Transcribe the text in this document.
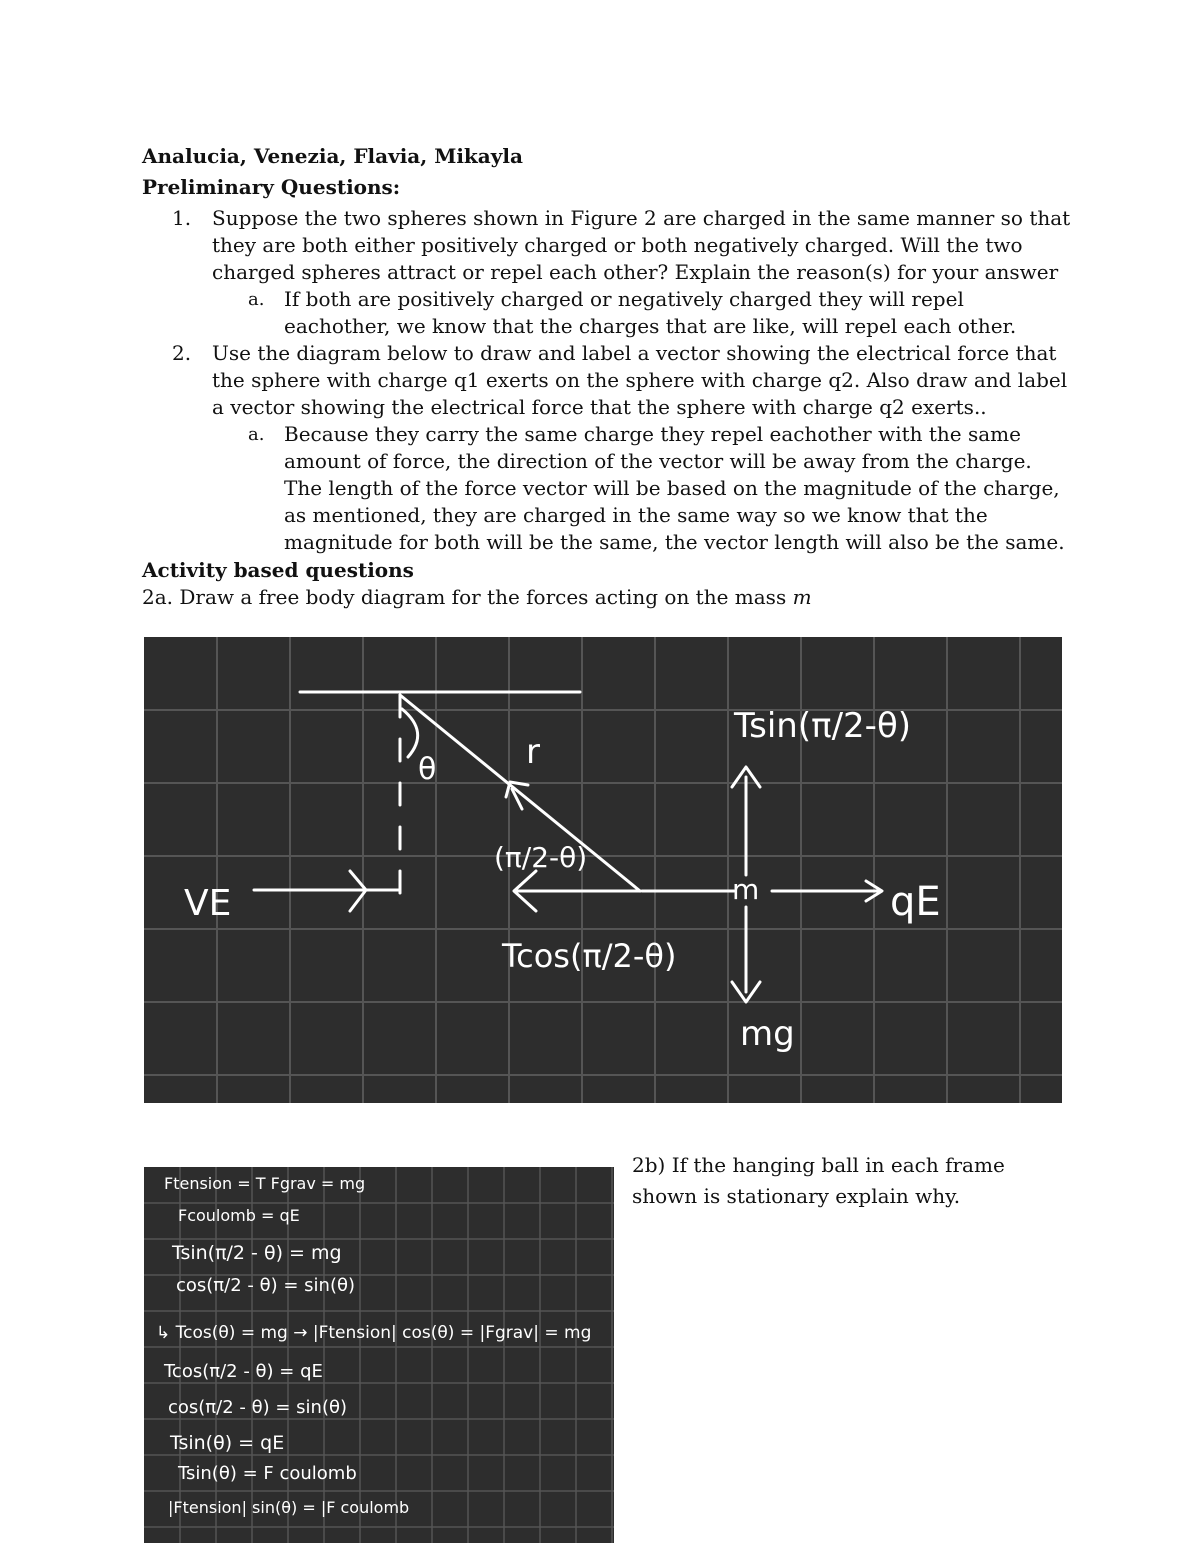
Analucia, Venezia, Flavia, Mikayla
Preliminary Questions:
1. Suppose the two spheres shown in Figure 2 are charged in the same manner so that they are both either positively charged or both negatively charged. Will the two charged spheres attract or repel each other? Explain the reason(s) for your answer
a. If both are positively charged or negatively charged they will repel eachother, we know that the charges that are like, will repel each other.
2. Use the diagram below to draw and label a vector showing the electrical force that the sphere with charge q1 exerts on the sphere with charge q2. Also draw and label a vector showing the electrical force that the sphere with charge q2 exerts..
a. Because they carry the same charge they repel eachother with the same amount of force, the direction of the vector will be away from the charge. The length of the force vector will be based on the magnitude of the charge, as mentioned, they are charged in the same way so we know that the magnitude for both will be the same, the vector length will also be the same.
Activity based questions
2a. Draw a free body diagram for the forces acting on the mass m
θ	r
(π/2-θ)
VE
Tsin(π/2-θ)
Tcos(π/2-θ)
m	qE
mg
Ftension = T Fgrav = mg
Fcoulomb = qE
Tsin(π/2 - θ) = mg
cos(π/2 - θ) = sin(θ)
↳ Tcos(θ) = mg → |Ftension| cos(θ) = |Fgrav| = mg
Tcos(π/2 - θ) = qE
cos(π/2 - θ) = sin(θ)
Tsin(θ) = qE
Tsin(θ) = F coulomb
|Ftension| sin(θ) = |F coulomb
2b) If the hanging ball in each frame shown is stationary explain why.
